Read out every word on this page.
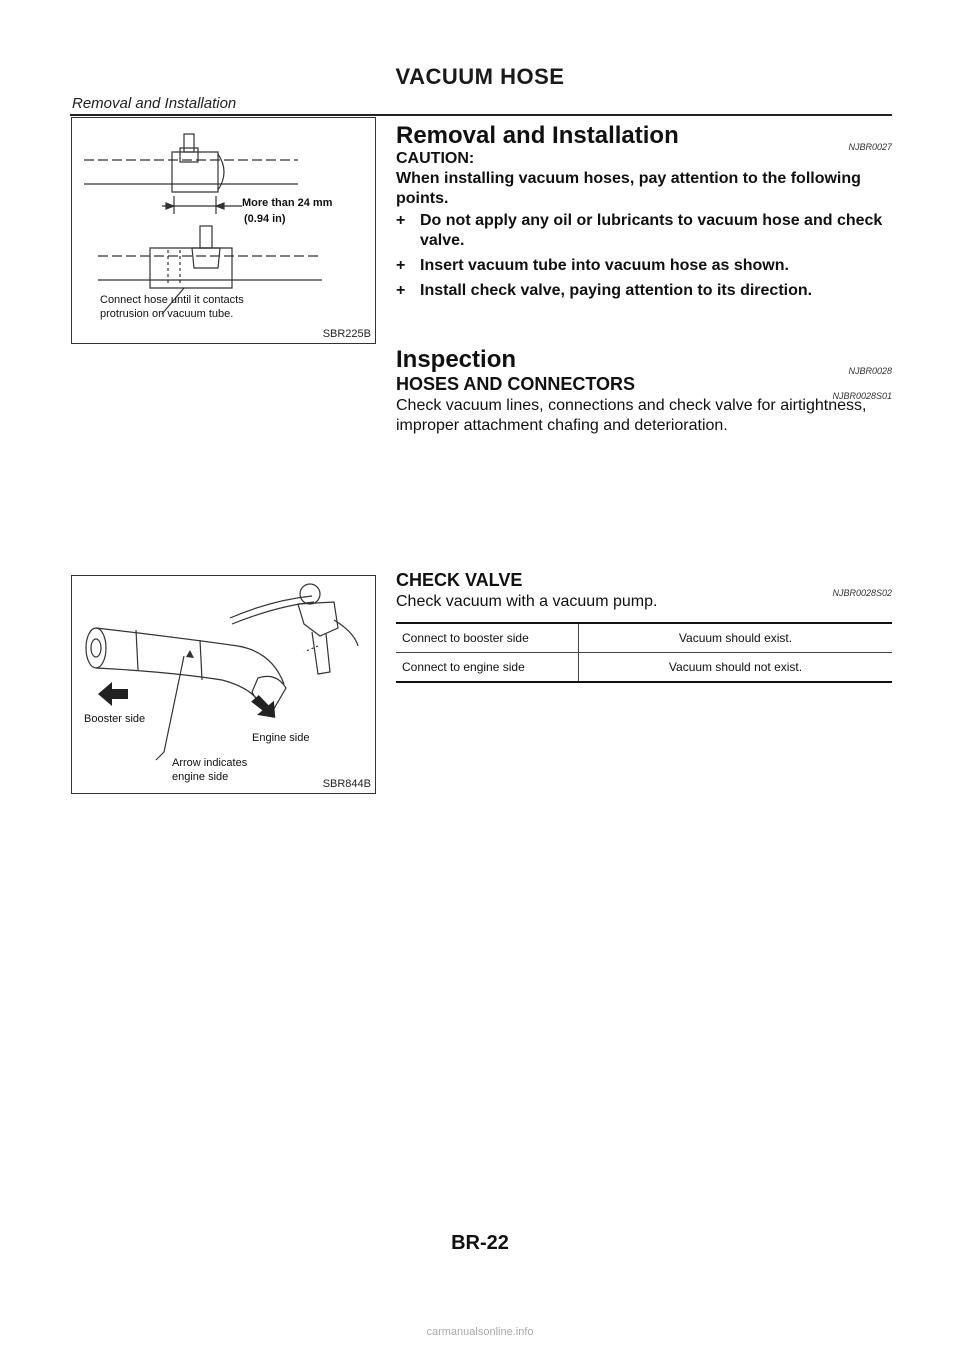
VACUUM HOSE
Removal and Installation
More than 24 mm
(0.94 in)
Connect hose until it contacts
protrusion on vacuum tube.
SBR225B
Removal and Installation	NJBR0027
CAUTION:
When installing vacuum hoses, pay attention to the following points.
+ Do not apply any oil or lubricants to vacuum hose and check valve.
+ Insert vacuum tube into vacuum hose as shown.
+ Install check valve, paying attention to its direction.
Inspection	NJBR0028
HOSES AND CONNECTORS
NJBR0028S01
Check vacuum lines, connections and check valve for airtightness, improper attachment chafing and deterioration.
Booster side
Engine side
Arrow indicates
engine side
SBR844B
CHECK VALVE
NJBR0028S02
Check vacuum with a vacuum pump.
Connect to booster side	Vacuum should exist.
Connect to engine side	Vacuum should not exist.
BR-22
carmanualsonline.info
